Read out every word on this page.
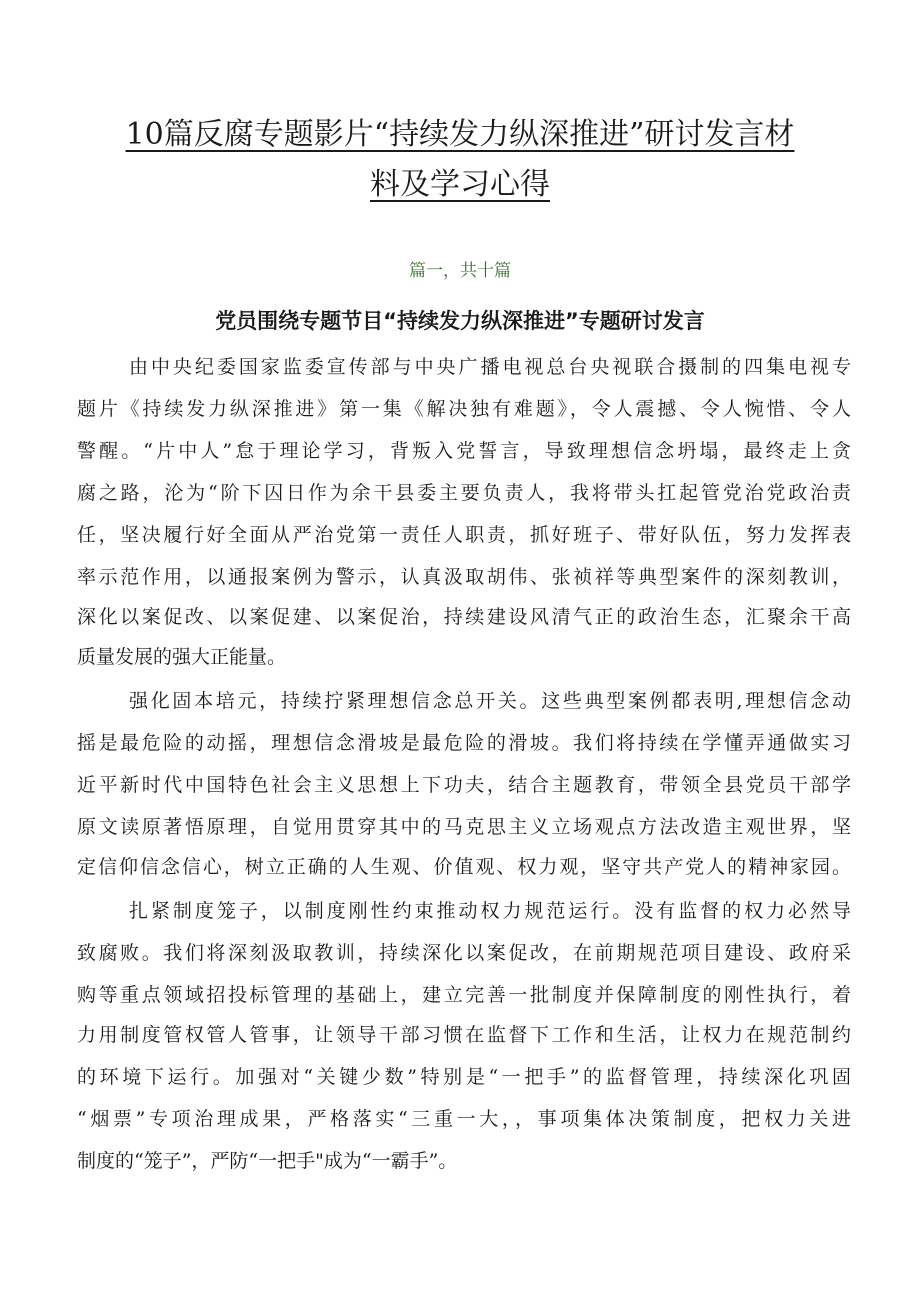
10篇反腐专题影片“持续发力纵深推进”研讨发言材
料及学习心得

篇一，共十篇

党员围绕专题节目“持续发力纵深推进”专题研讨发言
由中央纪委国家监委宣传部与中央广播电视总台央视联合摄制的四集电视专
题片《持续发力纵深推进》第一集《解决独有难题》，令人震撼、令人惋惜、令人
警醒。“片中人”怠于理论学习，背叛入党誓言，导致理想信念坍塌，最终走上贪
腐之路，沦为“阶下囚日作为余干县委主要负责人，我将带头扛起管党治党政治责
任，坚决履行好全面从严治党第一责任人职责，抓好班子、带好队伍，努力发挥表
率示范作用，以通报案例为警示，认真汲取胡伟、张祯祥等典型案件的深刻教训，
深化以案促改、以案促建、以案促治，持续建设风清气正的政治生态，汇聚余干高
质量发展的强大正能量。
强化固本培元，持续拧紧理想信念总开关。这些典型案例都表明,理想信念动
摇是最危险的动摇，理想信念滑坡是最危险的滑坡。我们将持续在学懂弄通做实习
近平新时代中国特色社会主义思想上下功夫，结合主题教育，带领全县党员干部学
原文读原著悟原理，自觉用贯穿其中的马克思主义立场观点方法改造主观世界，坚
定信仰信念信心，树立正确的人生观、价值观、权力观，坚守共产党人的精神家园。
扎紧制度笼子，以制度刚性约束推动权力规范运行。没有监督的权力必然导
致腐败。我们将深刻汲取教训，持续深化以案促改，在前期规范项目建设、政府采
购等重点领域招投标管理的基础上，建立完善一批制度并保障制度的刚性执行，着
力用制度管权管人管事，让领导干部习惯在监督下工作和生活，让权力在规范制约
的环境下运行。加强对“关键少数”特别是“一把手”的监督管理，持续深化巩固
“烟票”专项治理成果，严格落实“三重一大，，事项集体决策制度，把权力关进
制度的“笼子”，严防“一把手"成为“一霸手”。
